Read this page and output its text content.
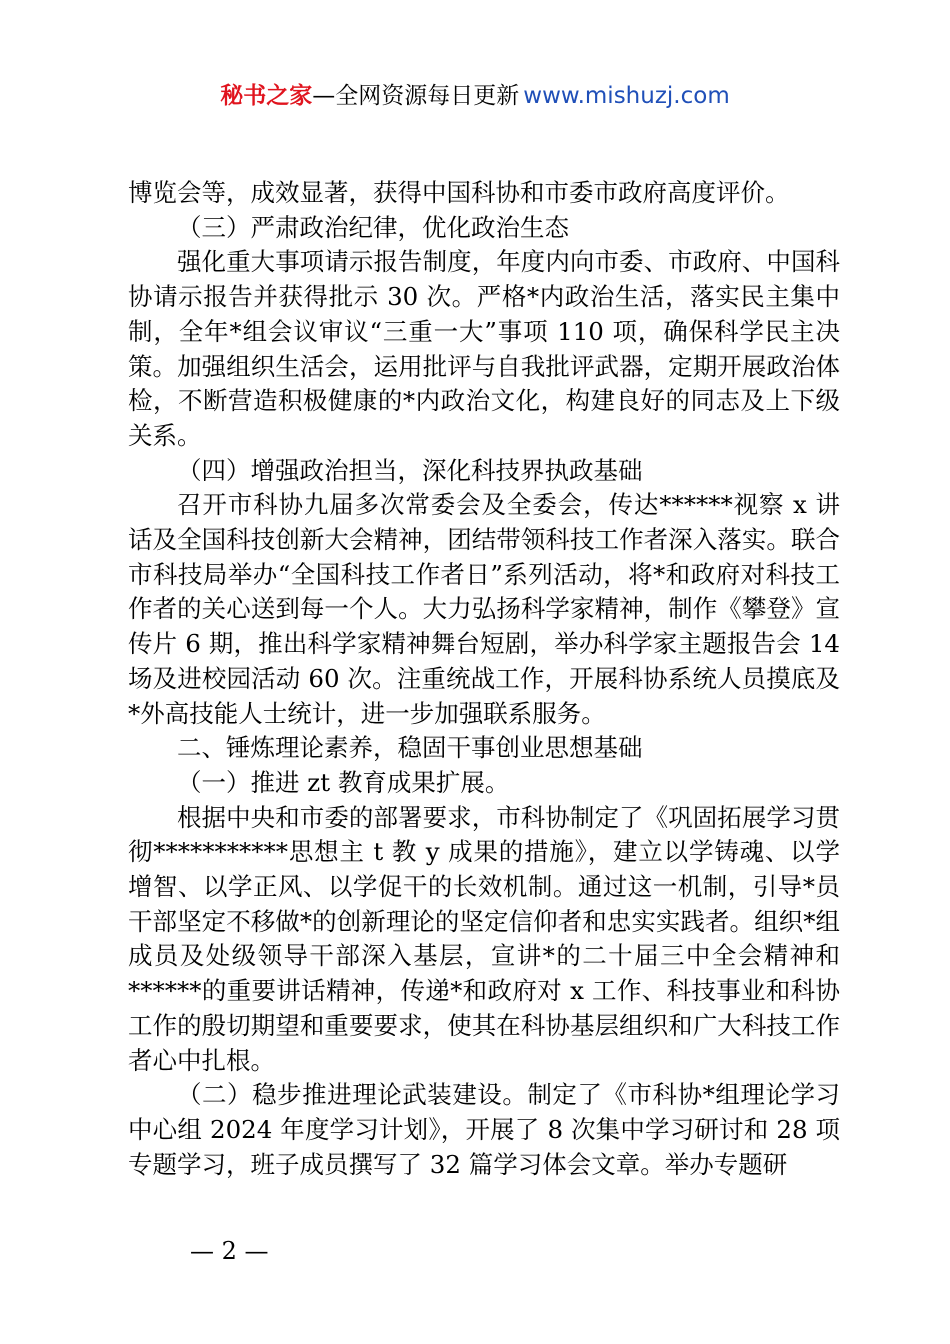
秘书之家—全网资源每日更新 www.mishuzj.com

博览会等，成效显著，获得中国科协和市委市政府高度评价。

（三）严肃政治纪律，优化政治生态

强化重大事项请示报告制度，年度内向市委、市政府、中国科协请示报告并获得批示 30 次。严格*内政治生活，落实民主集中制，全年*组会议审议“三重一大”事项 110 项，确保科学民主决策。加强组织生活会，运用批评与自我批评武器，定期开展政治体检，不断营造积极健康的*内政治文化，构建良好的同志及上下级关系。

（四）增强政治担当，深化科技界执政基础

召开市科协九届多次常委会及全委会，传达******视察 x 讲话及全国科技创新大会精神，团结带领科技工作者深入落实。联合市科技局举办“全国科技工作者日”系列活动，将*和政府对科技工作者的关心送到每一个人。大力弘扬科学家精神，制作《攀登》宣传片 6 期，推出科学家精神舞台短剧，举办科学家主题报告会 14 场及进校园活动 60 次。注重统战工作，开展科协系统人员摸底及*外高技能人士统计，进一步加强联系服务。

二、锤炼理论素养，稳固干事创业思想基础

（一）推进 zt 教育成果扩展。

根据中央和市委的部署要求，市科协制定了《巩固拓展学习贯彻***********思想主 t 教 y 成果的措施》，建立以学铸魂、以学增智、以学正风、以学促干的长效机制。通过这一机制，引导*员干部坚定不移做*的创新理论的坚定信仰者和忠实实践者。组织*组成员及处级领导干部深入基层，宣讲*的二十届三中全会精神和******的重要讲话精神，传递*和政府对 x 工作、科技事业和科协工作的殷切期望和重要要求，使其在科协基层组织和广大科技工作者心中扎根。

（二）稳步推进理论武装建设。制定了《市科协*组理论学习中心组 2024 年度学习计划》，开展了 8 次集中学习研讨和 28 项专题学习，班子成员撰写了 32 篇学习体会文章。举办专题研

— 2 —
